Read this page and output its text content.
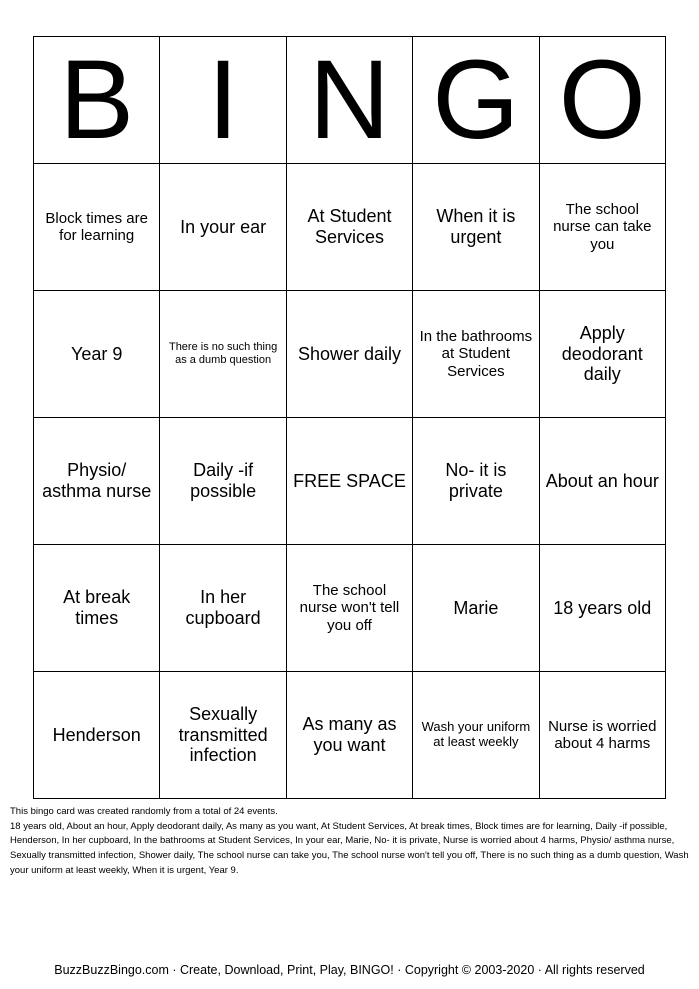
B	I	N	G	O
Block times are for learning	In your ear	At Student Services	When it is urgent	The school nurse can take you
Year 9	There is no such thing as a dumb question	Shower daily	In the bathrooms at Student Services	Apply deodorant daily
Physio/ asthma nurse	Daily -if possible	FREE SPACE	No- it is private	About an hour
At break times	In her cupboard	The school nurse won't tell you off	Marie	18 years old
Henderson	Sexually transmitted infection	As many as you want	Wash your uniform at least weekly	Nurse is worried about 4 harms
This bingo card was created randomly from a total of 24 events.
18 years old, About an hour, Apply deodorant daily, As many as you want, At Student Services, At break times, Block times are for learning, Daily -if possible, Henderson, In her cupboard, In the bathrooms at Student Services, In your ear, Marie, No- it is private, Nurse is worried about 4 harms, Physio/ asthma nurse, Sexually transmitted infection, Shower daily, The school nurse can take you, The school nurse won't tell you off, There is no such thing as a dumb question, Wash your uniform at least weekly, When it is urgent, Year 9.
BuzzBuzzBingo.com · Create, Download, Print, Play, BINGO! · Copyright © 2003-2020 · All rights reserved
